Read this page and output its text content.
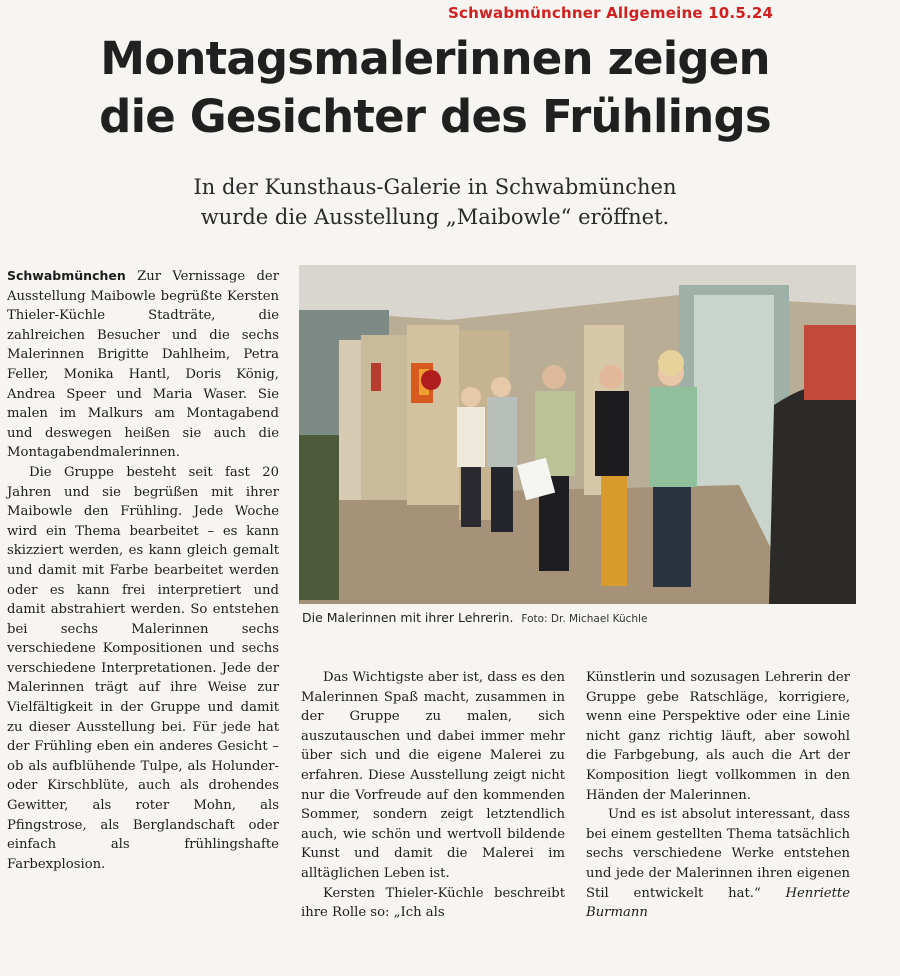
Schwabmünchner Allgemeine 10.5.24
Montagsmalerinnen zeigen
die Gesichter des Frühlings
In der Kunsthaus-Galerie in Schwabmünchen
wurde die Ausstellung „Maibowle“ eröffnet.

Schwabmünchen Zur Vernissage der Ausstellung Maibowle begrüßte Kersten Thieler-Küchle Stadträte, die zahlreichen Besucher und die sechs Malerinnen Brigitte Dahlheim, Petra Feller, Monika Hantl, Doris König, Andrea Speer und Maria Waser. Sie malen im Malkurs am Montagabend und deswegen heißen sie auch die Montagabendmalerinnen.

Die Gruppe besteht seit fast 20 Jahren und sie begrüßen mit ihrer Maibowle den Frühling. Jede Woche wird ein Thema bearbeitet – es kann skizziert werden, es kann gleich gemalt und damit mit Farbe bearbeitet werden oder es kann frei interpretiert und damit abstrahiert werden. So entstehen bei sechs Malerinnen sechs verschiedene Kompositionen und sechs verschiedene Interpretationen. Jede der Malerinnen trägt auf ihre Weise zur Vielfältigkeit in der Gruppe und damit zu dieser Ausstellung bei. Für jede hat der Frühling eben ein anderes Gesicht – ob als aufblühende Tulpe, als Holunder- oder Kirschblüte, auch als drohendes Gewitter, als roter Mohn, als Pfingstrose, als Berglandschaft oder einfach als frühlingshafte Farbexplosion.

Die Malerinnen mit ihrer Lehrerin. Foto: Dr. Michael Küchle

Das Wichtigste aber ist, dass es den Malerinnen Spaß macht, zusammen in der Gruppe zu malen, sich auszutauschen und dabei immer mehr über sich und die eigene Malerei zu erfahren. Diese Ausstellung zeigt nicht nur die Vorfreude auf den kommenden Sommer, sondern zeigt letztendlich auch, wie schön und wertvoll bildende Kunst und damit die Malerei im alltäglichen Leben ist.

Kersten Thieler-Küchle beschreibt ihre Rolle so: „Ich als

Künstlerin und sozusagen Lehrerin der Gruppe gebe Ratschläge, korrigiere, wenn eine Perspektive oder eine Linie nicht ganz richtig läuft, aber sowohl die Farbgebung, als auch die Art der Komposition liegt vollkommen in den Händen der Malerinnen.

Und es ist absolut interessant, dass bei einem gestellten Thema tatsächlich sechs verschiedene Werke entstehen und jede der Malerinnen ihren eigenen Stil entwickelt hat.“ Henriette Burmann
